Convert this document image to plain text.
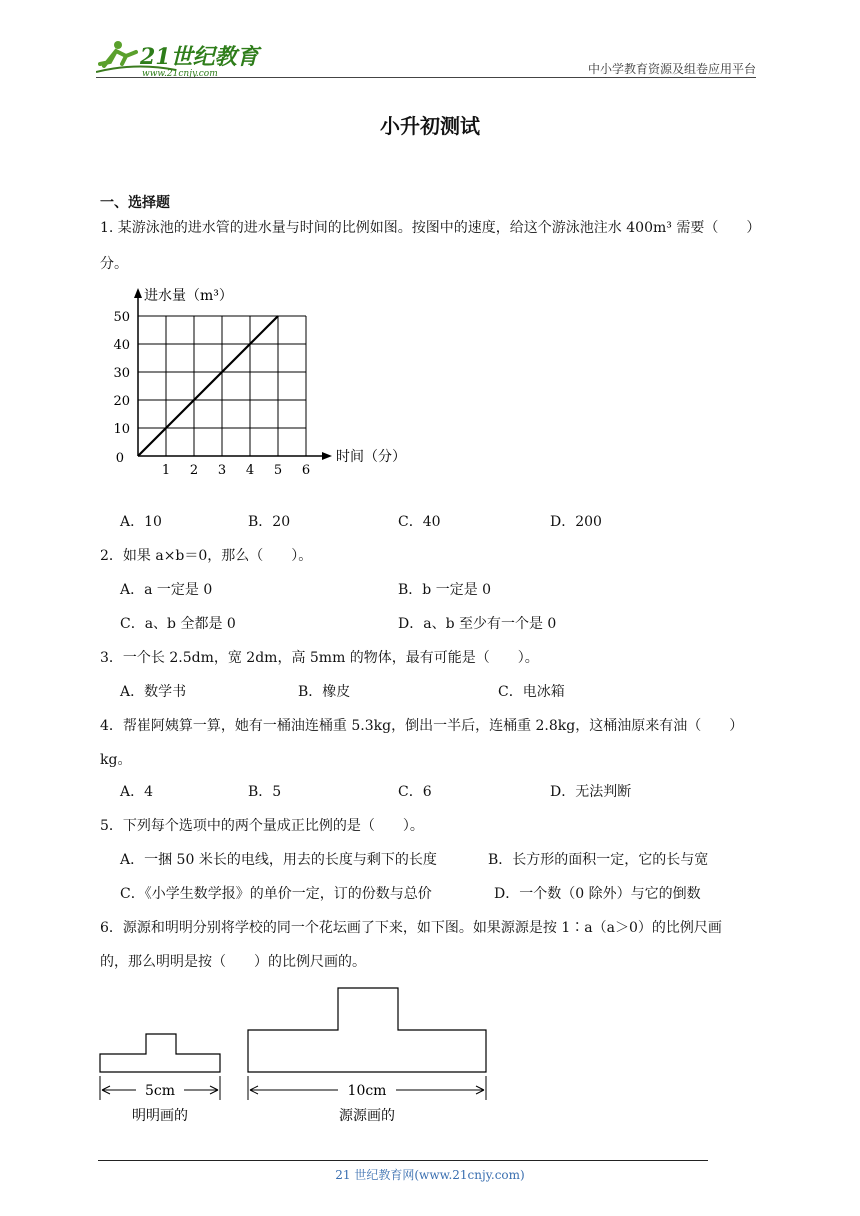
21世纪教育
www.21cnjy.com	中小学教育资源及组卷应用平台
小升初测试
一、选择题
1. 某游泳池的进水管的进水量与时间的比例如图。按图中的速度，给这个游泳池注水 400m³ 需要（　　）
分。
1 2 3 4 5 6
10
20
30
40
50
0
进水量（m³）
时间（分）
A．10	B．20	C．40	D．200
2．如果 a×b＝0，那么（　　）。
A．a 一定是 0	B．b 一定是 0
C．a、b 全都是 0	D．a、b 至少有一个是 0
3．一个长 2.5dm，宽 2dm，高 5mm 的物体，最有可能是（　　）。
A．数学书	B．橡皮	C．电冰箱
4．帮崔阿姨算一算，她有一桶油连桶重 5.3kg，倒出一半后，连桶重 2.8kg，这桶油原来有油（　　）
kg。
A．4	B．5	C．6	D．无法判断
5．下列每个选项中的两个量成正比例的是（　　）。
A．一捆 50 米长的电线，用去的长度与剩下的长度	B．长方形的面积一定，它的长与宽
C．《小学生数学报》的单价一定，订的份数与总价	D．一个数（0 除外）与它的倒数
6．源源和明明分别将学校的同一个花坛画了下来，如下图。如果源源是按 1∶a（a＞0）的比例尺画
的，那么明明是按（　　）的比例尺画的。
5cm
明明画的
10cm
源源画的
21 世纪教育网(www.21cnjy.com)
